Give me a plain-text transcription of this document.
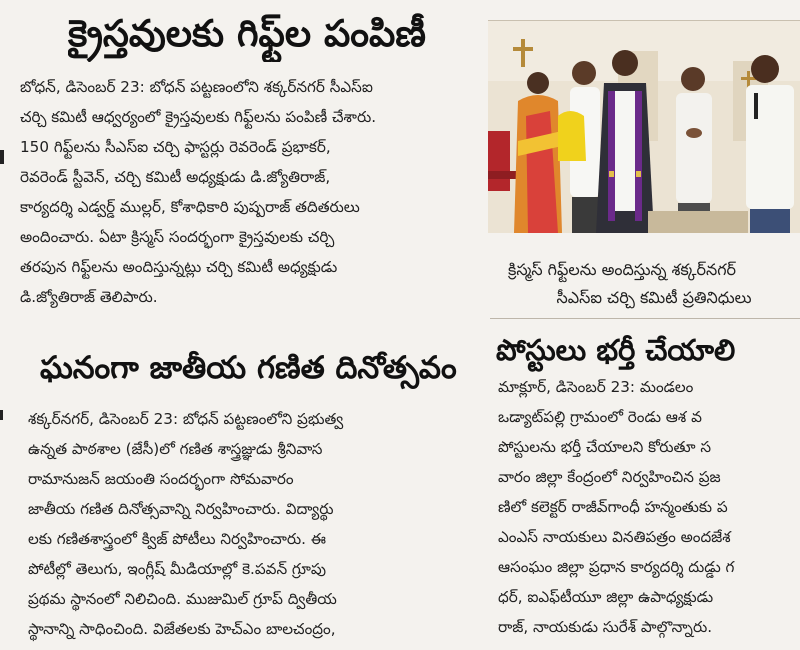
క్రైస్తవులకు గిఫ్ట్‌ల పంపిణీ
బోధన్, డిసెంబర్ 23: బోధన్ పట్టణంలోని శక్కర్‌నగర్ సీఎస్ఐ
చర్చి కమిటీ ఆధ్వర్యంలో క్రైస్తవులకు గిఫ్ట్‌లను పంపిణీ చేశారు.
150 గిఫ్ట్‌లను సీఎస్ఐ చర్చి ఫాస్టర్లు రెవరెండ్ ప్రభాకర్,
రెవరెండ్ స్టీవెన్, చర్చి కమిటీ అధ్యక్షుడు డి.జ్యోతిరాజ్,
కార్యదర్శి ఎడ్వర్డ్ ముల్లర్, కోశాధికారి పుష్పరాజ్ తదితరులు
అందించారు. ఏటా క్రిస్మస్ సందర్భంగా క్రైస్తవులకు చర్చి
తరపున గిఫ్ట్‌లను అందిస్తున్నట్లు చర్చి కమిటీ అధ్యక్షుడు
డి.జ్యోతిరాజ్ తెలిపారు.
క్రిస్మస్ గిఫ్ట్‌లను అందిస్తున్న శక్కర్‌నగర్
సీఎస్ఐ చర్చి కమిటీ ప్రతినిధులు
ఘనంగా జాతీయ గణిత దినోత్సవం
శక్కర్‌నగర్, డిసెంబర్ 23: బోధన్ పట్టణంలోని ప్రభుత్వ
ఉన్నత పాఠశాల (జేసీ)లో గణిత శాస్త్రజ్ఞుడు శ్రీనివాస
రామానుజన్ జయంతి సందర్భంగా సోమవారం
జాతీయ గణిత దినోత్సవాన్ని నిర్వహించారు. విద్యార్థు
లకు గణితశాస్త్రంలో క్విజ్ పోటీలు నిర్వహించారు. ఈ
పోటీల్లో తెలుగు, ఇంగ్లీష్ మీడియాల్లో కె.పవన్ గ్రూపు
ప్రథమ స్థానంలో నిలిచింది. ముజుమిల్ గ్రూప్ ద్వితీయ
స్థానాన్ని సాధించింది. విజేతలకు హెచ్‌ఎం బాలచంద్రం,
పోస్టులు భర్తీ చేయాలి
మాక్లూర్, డిసెంబర్ 23: మండలం
ఒడ్యాట్‌పల్లి గ్రామంలో రెండు ఆశ వ
పోస్టులను భర్తీ చేయాలని కోరుతూ స
వారం జిల్లా కేంద్రంలో నిర్వహించిన ప్రజ
ణిలో కలెక్టర్ రాజీవ్‌గాంధీ హన్మంతుకు ప
ఎంఎస్ నాయకులు వినతిపత్రం అందజేశ
ఆసంఘం జిల్లా ప్రధాన కార్యదర్శి దుడ్డు గ
ధర్, ఐఎఫ్‌టీయూ జిల్లా ఉపాధ్యక్షుడు
రాజ్, నాయకుడు సురేశ్ పాల్గొన్నారు.
